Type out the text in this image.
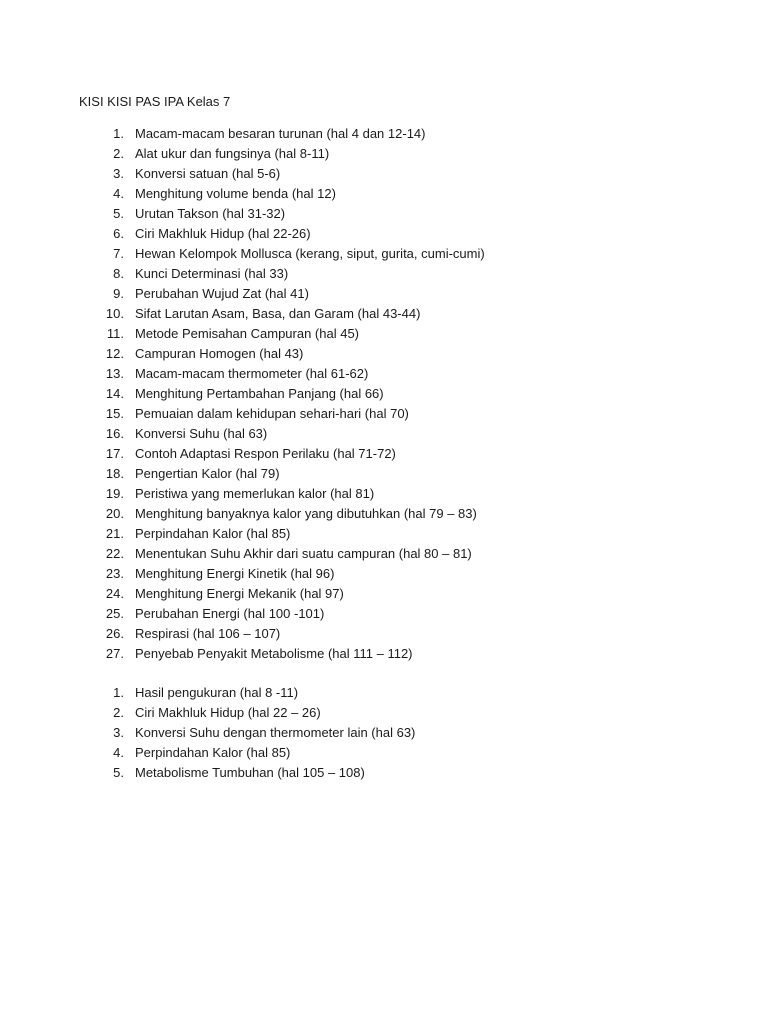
KISI KISI PAS IPA Kelas 7
1. Macam-macam besaran turunan (hal 4 dan 12-14)
2. Alat ukur dan fungsinya (hal 8-11)
3. Konversi satuan (hal 5-6)
4. Menghitung volume benda (hal 12)
5. Urutan Takson (hal 31-32)
6. Ciri Makhluk Hidup (hal 22-26)
7. Hewan Kelompok Mollusca (kerang, siput, gurita, cumi-cumi)
8. Kunci Determinasi (hal 33)
9. Perubahan Wujud Zat (hal 41)
10. Sifat Larutan Asam, Basa, dan Garam (hal 43-44)
11. Metode Pemisahan Campuran (hal 45)
12. Campuran Homogen (hal 43)
13. Macam-macam thermometer (hal 61-62)
14. Menghitung Pertambahan Panjang (hal 66)
15. Pemuaian dalam kehidupan sehari-hari (hal 70)
16. Konversi Suhu (hal 63)
17. Contoh Adaptasi Respon Perilaku (hal 71-72)
18. Pengertian Kalor (hal 79)
19. Peristiwa yang memerlukan kalor (hal 81)
20. Menghitung banyaknya kalor yang dibutuhkan (hal 79 – 83)
21. Perpindahan Kalor (hal 85)
22. Menentukan Suhu Akhir dari suatu campuran (hal 80 – 81)
23. Menghitung Energi Kinetik (hal 96)
24. Menghitung Energi Mekanik (hal 97)
25. Perubahan Energi (hal 100 -101)
26. Respirasi (hal 106 – 107)
27. Penyebab Penyakit Metabolisme (hal 111 – 112)
1. Hasil pengukuran (hal 8 -11)
2. Ciri Makhluk Hidup (hal 22 – 26)
3. Konversi Suhu dengan thermometer lain (hal 63)
4. Perpindahan Kalor (hal 85)
5. Metabolisme Tumbuhan (hal 105 – 108)
